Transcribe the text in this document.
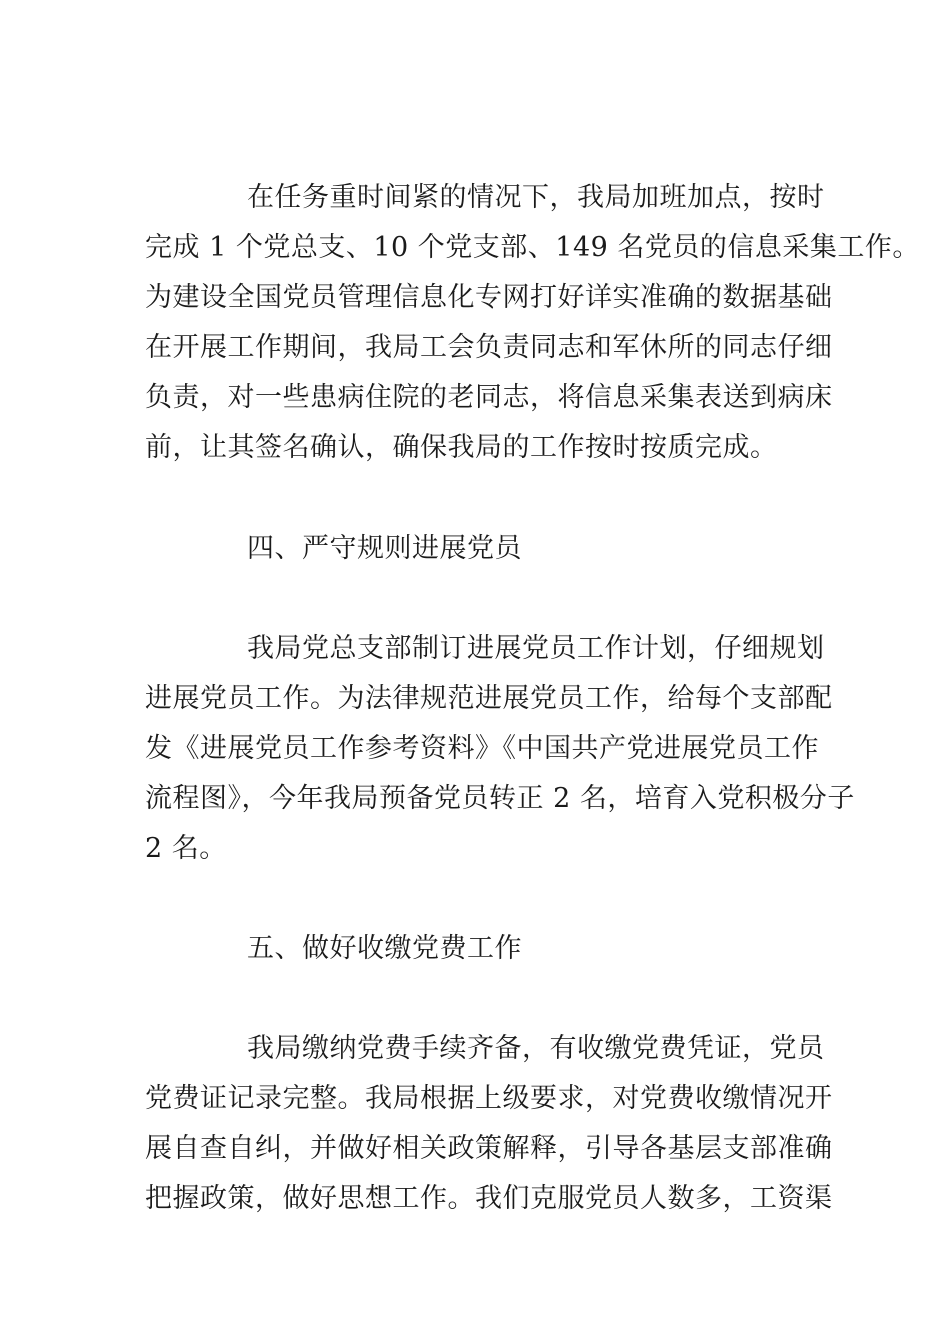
在任务重时间紧的情况下，我局加班加点，按时
完成 1 个党总支、10 个党支部、149 名党员的信息采集工作。
为建设全国党员管理信息化专网打好详实准确的数据基础
在开展工作期间，我局工会负责同志和军休所的同志仔细
负责，对一些患病住院的老同志，将信息采集表送到病床
前，让其签名确认，确保我局的工作按时按质完成。
四、严守规则进展党员
我局党总支部制订进展党员工作计划，仔细规划
进展党员工作。为法律规范进展党员工作，给每个支部配
发《进展党员工作参考资料》《中国共产党进展党员工作
流程图》，今年我局预备党员转正 2 名，培育入党积极分子
2 名。
五、做好收缴党费工作
我局缴纳党费手续齐备，有收缴党费凭证，党员
党费证记录完整。我局根据上级要求，对党费收缴情况开
展自查自纠，并做好相关政策解释，引导各基层支部准确
把握政策，做好思想工作。我们克服党员人数多，工资渠
